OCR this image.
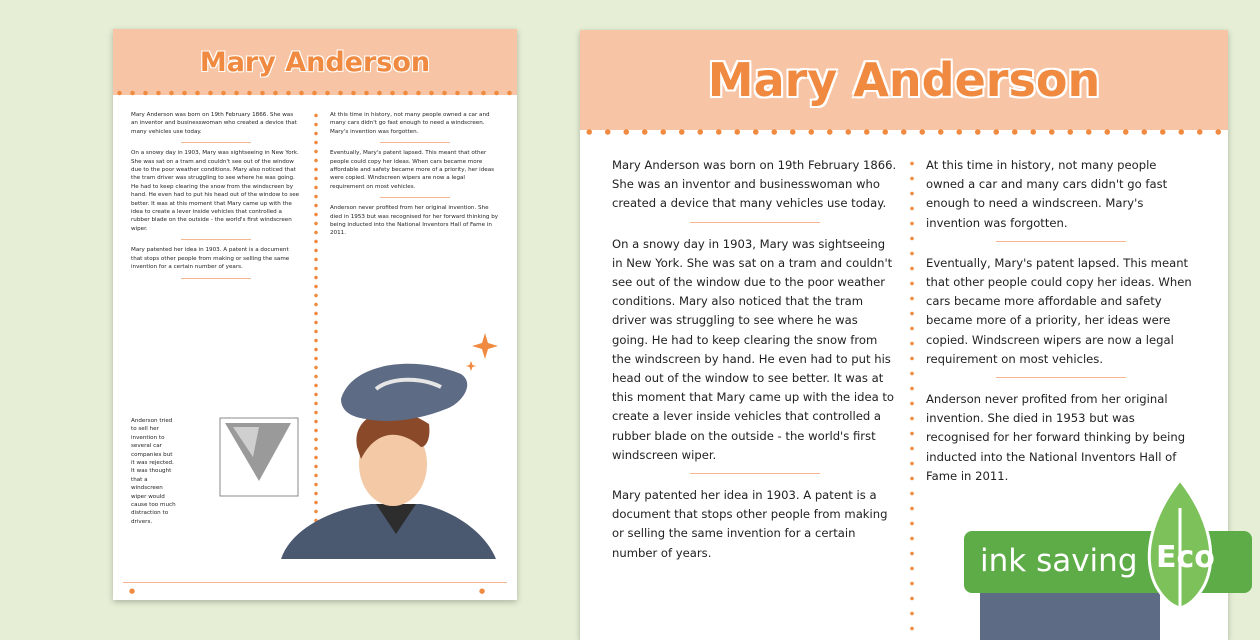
Mary Anderson

Mary Anderson was born on 19th February 1866. She was an inventor and businesswoman who created a device that many vehicles use today.

On a snowy day in 1903, Mary was sightseeing in New York. She was sat on a tram and couldn't see out of the window due to the poor weather conditions. Mary also noticed that the tram driver was struggling to see where he was going. He had to keep clearing the snow from the windscreen by hand. He even had to put his head out of the window to see better. It was at this moment that Mary came up with the idea to create a lever inside vehicles that controlled a rubber blade on the outside - the world's first windscreen wiper.

Mary patented her idea in 1903. A patent is a document that stops other people from making or selling the same invention for a certain number of years.

Anderson tried to sell her invention to several car companies but it was rejected. It was thought that a windscreen wiper would cause too much distraction to drivers.

At this time in history, not many people owned a car and many cars didn't go fast enough to need a windscreen. Mary's invention was forgotten.

Eventually, Mary's patent lapsed. This meant that other people could copy her ideas. When cars became more affordable and safety became more of a priority, her ideas were copied. Windscreen wipers are now a legal requirement on most vehicles.

Anderson never profited from her original invention. She died in 1953 but was recognised for her forward thinking by being inducted into the National Inventors Hall of Fame in 2011.

●	●
Mary Anderson

Mary Anderson was born on 19th February 1866. She was an inventor and businesswoman who created a device that many vehicles use today.

On a snowy day in 1903, Mary was sightseeing in New York. She was sat on a tram and couldn't see out of the window due to the poor weather conditions. Mary also noticed that the tram driver was struggling to see where he was going. He had to keep clearing the snow from the windscreen by hand. He even had to put his head out of the window to see better. It was at this moment that Mary came up with the idea to create a lever inside vehicles that controlled a rubber blade on the outside - the world's first windscreen wiper.

Mary patented her idea in 1903. A patent is a document that stops other people from making or selling the same invention for a certain number of years.

At this time in history, not many people owned a car and many cars didn't go fast enough to need a windscreen. Mary's invention was forgotten.

Eventually, Mary's patent lapsed. This meant that other people could copy her ideas. When cars became more affordable and safety became more of a priority, her ideas were copied. Windscreen wipers are now a legal requirement on most vehicles.

Anderson never profited from her original invention. She died in 1953 but was recognised for her forward thinking by being inducted into the National Inventors Hall of Fame in 2011.

ink saving Eco
